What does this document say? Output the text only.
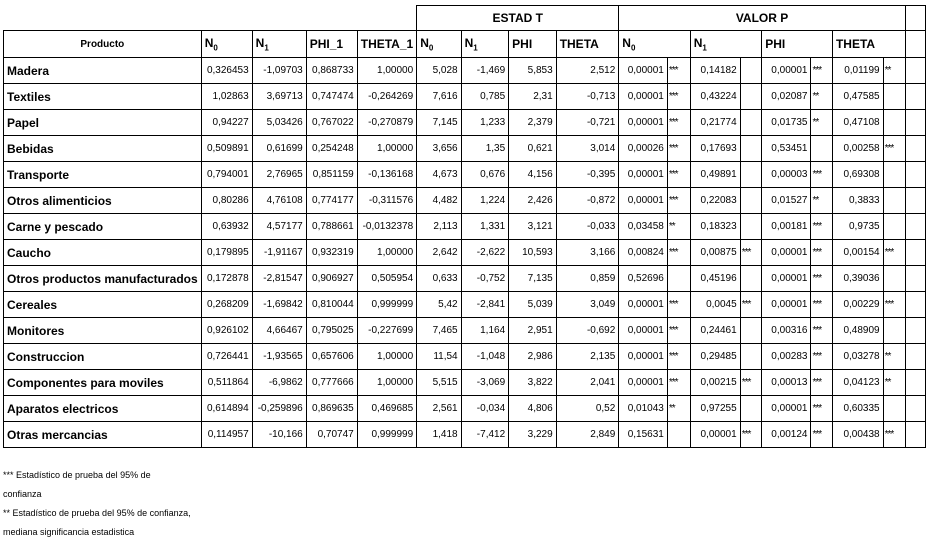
					ESTAD T				VALOR P								
Producto	$N_0$	$N_1$	PHI_1	THETA_1	$N_0$	$N_1$	PHI	THETA	$N_0$		$N_1$		PHI		THETA		
Madera	0,326453	-1,09703	0,868733	1,00000	5,028	-1,469	5,853	2,512	0,00001	***	0,14182		0,00001	***	0,01199	**	
Textiles	1,02863	3,69713	0,747474	-0,264269	7,616	0,785	2,31	-0,713	0,00001	***	0,43224		0,02087	**	0,47585		
Papel	0,94227	5,03426	0,767022	-0,270879	7,145	1,233	2,379	-0,721	0,00001	***	0,21774		0,01735	**	0,47108		
Bebidas	0,509891	0,61699	0,254248	1,00000	3,656	1,35	0,621	3,014	0,00026	***	0,17693		0,53451		0,00258	***	
Transporte	0,794001	2,76965	0,851159	-0,136168	4,673	0,676	4,156	-0,395	0,00001	***	0,49891		0,00003	***	0,69308		
Otros alimenticios	0,80286	4,76108	0,774177	-0,311576	4,482	1,224	2,426	-0,872	0,00001	***	0,22083		0,01527	**	0,3833		
Carne y pescado	0,63932	4,57177	0,788661	-0,0132378	2,113	1,331	3,121	-0,033	0,03458	**	0,18323		0,00181	***	0,9735		
Caucho	0,179895	-1,91167	0,932319	1,00000	2,642	-2,622	10,593	3,166	0,00824	***	0,00875	***	0,00001	***	0,00154	***	
Otros productos manufacturados	0,172878	-2,81547	0,906927	0,505954	0,633	-0,752	7,135	0,859	0,52696		0,45196		0,00001	***	0,39036		
Cereales	0,268209	-1,69842	0,810044	0,999999	5,42	-2,841	5,039	3,049	0,00001	***	0,0045	***	0,00001	***	0,00229	***	
Monitores	0,926102	4,66467	0,795025	-0,227699	7,465	1,164	2,951	-0,692	0,00001	***	0,24461		0,00316	***	0,48909		
Construccion	0,726441	-1,93565	0,657606	1,00000	11,54	-1,048	2,986	2,135	0,00001	***	0,29485		0,00283	***	0,03278	**	
Componentes para moviles	0,511864	-6,9862	0,777666	1,00000	5,515	-3,069	3,822	2,041	0,00001	***	0,00215	***	0,00013	***	0,04123	**	
Aparatos electricos	0,614894	-0,259896	0,869635	0,469685	2,561	-0,034	4,806	0,52	0,01043	**	0,97255		0,00001	***	0,60335		
Otras mercancias	0,114957	-10,166	0,70747	0,999999	1,418	-7,412	3,229	2,849	0,15631		0,00001	***	0,00124	***	0,00438	***	
*** Estadístico de prueba del 95% de
confianza
** Estadístico de prueba del 95% de confianza,
mediana significancia estadistica
